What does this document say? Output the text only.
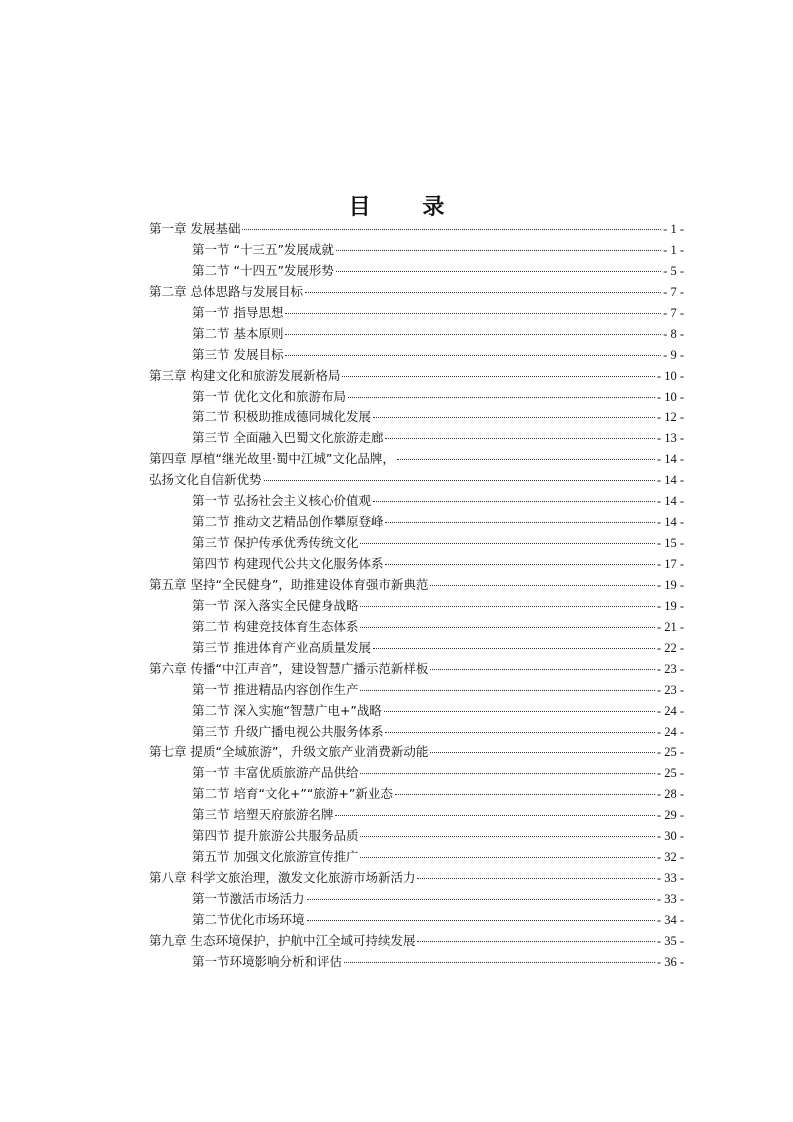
目 录
第一章 发展基础	- 1 -
第一节 “十三五”发展成就	- 1 -
第二节 “十四五”发展形势	- 5 -
第二章 总体思路与发展目标	- 7 -
第一节 指导思想	- 7 -
第二节 基本原则	- 8 -
第三节 发展目标	- 9 -
第三章 构建文化和旅游发展新格局	- 10 -
第一节 优化文化和旅游布局	- 10 -
第二节 积极助推成德同城化发展	- 12 -
第三节 全面融入巴蜀文化旅游走廊	- 13 -
第四章 厚植“继光故里·蜀中江城”文化品牌，	- 14 -
弘扬文化自信新优势	- 14 -
第一节 弘扬社会主义核心价值观	- 14 -
第二节 推动文艺精品创作攀原登峰	- 14 -
第三节 保护传承优秀传统文化	- 15 -
第四节 构建现代公共文化服务体系	- 17 -
第五章 坚持“全民健身”，助推建设体育强市新典范	- 19 -
第一节 深入落实全民健身战略	- 19 -
第二节 构建竞技体育生态体系	- 21 -
第三节 推进体育产业高质量发展	- 22 -
第六章 传播“中江声音”，建设智慧广播示范新样板	- 23 -
第一节 推进精品内容创作生产	- 23 -
第二节 深入实施“智慧广电+”战略	- 24 -
第三节 升级广播电视公共服务体系	- 24 -
第七章 提质“全域旅游”，升级文旅产业消费新动能	- 25 -
第一节 丰富优质旅游产品供给	- 25 -
第二节 培育“文化+”“旅游+”新业态	- 28 -
第三节 培塑天府旅游名牌	- 29 -
第四节 提升旅游公共服务品质	- 30 -
第五节 加强文化旅游宣传推广	- 32 -
第八章 科学文旅治理，激发文化旅游市场新活力	- 33 -
第一节激活市场活力	- 33 -
第二节优化市场环境	- 34 -
第九章 生态环境保护，护航中江全域可持续发展	- 35 -
第一节环境影响分析和评估	- 36 -
